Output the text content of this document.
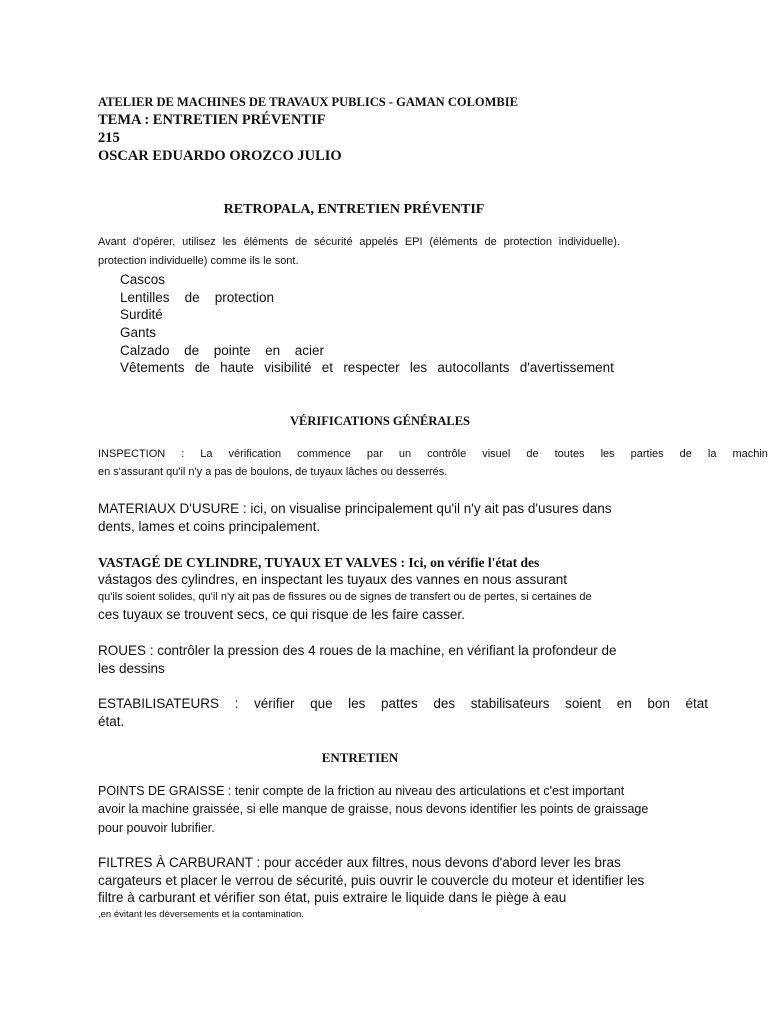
ATELIER DE MACHINES DE TRAVAUX PUBLICS - GAMAN COLOMBIE
TEMA : ENTRETIEN PRÉVENTIF
215
OSCAR EDUARDO OROZCO JULIO
RETROPALA, ENTRETIEN PRÉVENTIF
Avant d'opérer, utilisez les éléments de sécurité appelés EPI (éléments de protection individuelle).
protection individuelle) comme ils le sont.
Cascos
Lentilles de protection
Surdité
Gants
Calzado de pointe en acier
Vêtements de haute visibilité et respecter les autocollants d'avertissement
VÉRIFICATIONS GÉNÉRALES
INSPECTION : La vérification commence par un contrôle visuel de toutes les parties de la machin
en s'assurant qu'il n'y a pas de boulons, de tuyaux lâches ou desserrés.
MATERIAUX D'USURE : ici, on visualise principalement qu'il n'y ait pas d'usures dans
dents, lames et coins principalement.
VASTAGÉ DE CYLINDRE, TUYAUX ET VALVES : Ici, on vérifie l'état des
vástagos des cylindres, en inspectant les tuyaux des vannes en nous assurant
qu'ils soient solides, qu'il n'y ait pas de fissures ou de signes de transfert ou de pertes, si certaines de
ces tuyaux se trouvent secs, ce qui risque de les faire casser.
ROUES : contrôler la pression des 4 roues de la machine, en vérifiant la profondeur de
les dessins
ESTABILISATEURS : vérifier que les pattes des stabilisateurs soient en bon état
état.
ENTRETIEN
POINTS DE GRAISSE : tenir compte de la friction au niveau des articulations et c'est important
avoir la machine graissée, si elle manque de graisse, nous devons identifier les points de graissage
pour pouvoir lubrifier.
FILTRES À CARBURANT : pour accéder aux filtres, nous devons d'abord lever les bras
cargateurs et placer le verrou de sécurité, puis ouvrir le couvercle du moteur et identifier les
filtre à carburant et vérifier son état, puis extraire le liquide dans le piège à eau
,en évitant les déversements et la contamination.
